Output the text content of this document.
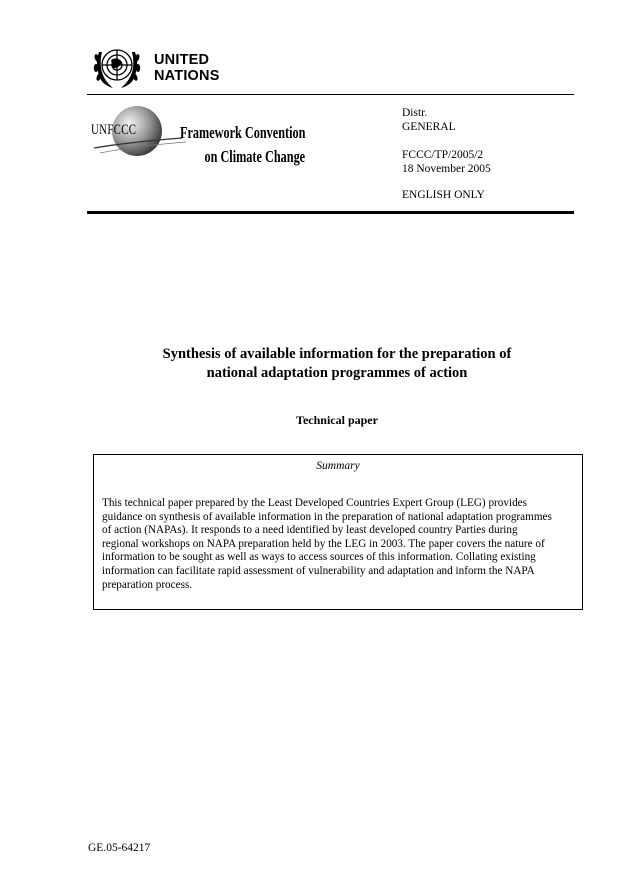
UNITED
NATIONS
UNFCCC	Framework Convention
on Climate Change
Distr.
GENERAL
FCCC/TP/2005/2
18 November 2005
ENGLISH ONLY
Synthesis of available information for the preparation of
national adaptation programmes of action
Technical paper
Summary
This technical paper prepared by the Least Developed Countries Expert Group (LEG) provides
guidance on synthesis of available information in the preparation of national adaptation programmes
of action (NAPAs). It responds to a need identified by least developed country Parties during
regional workshops on NAPA preparation held by the LEG in 2003. The paper covers the nature of
information to be sought as well as ways to access sources of this information. Collating existing
information can facilitate rapid assessment of vulnerability and adaptation and inform the NAPA
preparation process.
GE.05-64217
